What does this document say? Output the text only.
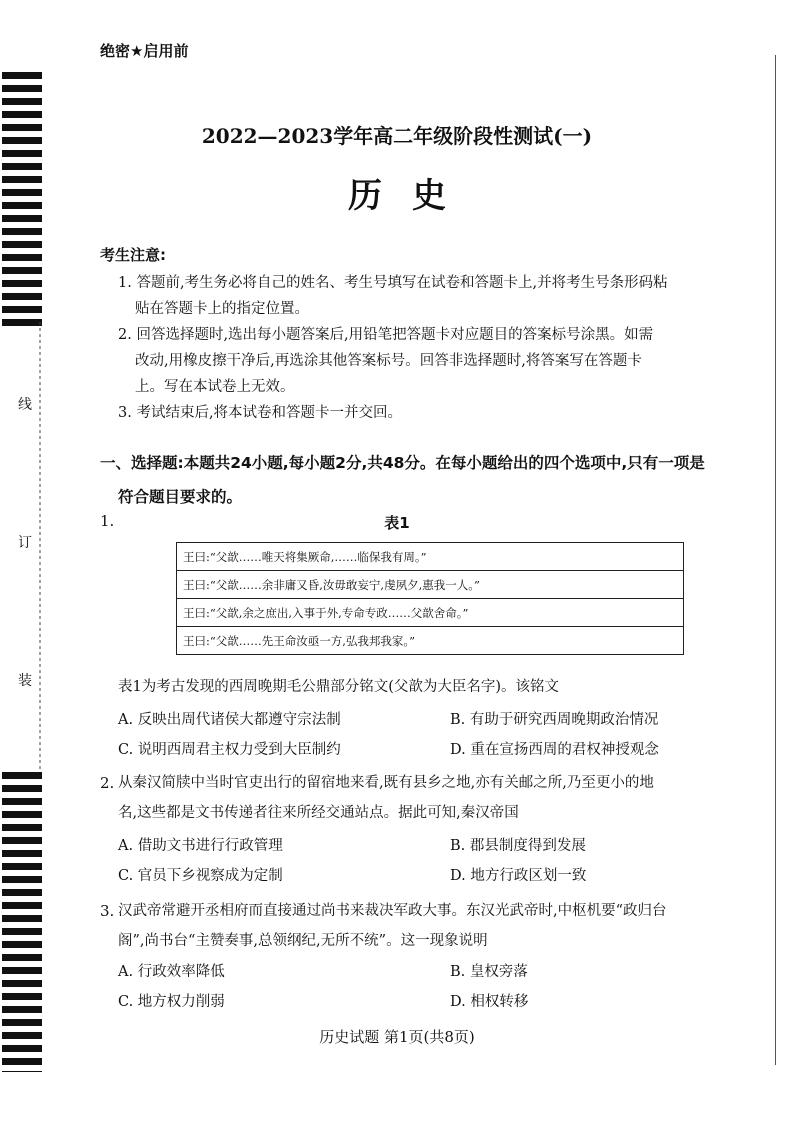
线
订
装
绝密★启用前
2022—2023学年高二年级阶段性测试(一)
历史
考生注意:
1. 答题前,考生务必将自己的姓名、考生号填写在试卷和答题卡上,并将考生号条形码粘
贴在答题卡上的指定位置。
2. 回答选择题时,选出每小题答案后,用铅笔把答题卡对应题目的答案标号涂黑。如需
改动,用橡皮擦干净后,再选涂其他答案标号。回答非选择题时,将答案写在答题卡
上。写在本试卷上无效。
3. 考试结束后,将本试卷和答题卡一并交回。
一、选择题:本题共24小题,每小题2分,共48分。在每小题给出的四个选项中,只有一项是
符合题目要求的。
1.	表1
王曰:“父歆……唯天将集厥命,……临保我有周。”
王曰:“父歆……余非庸又昏,汝毋敢妄宁,虔夙夕,惠我一人。”
王曰:“父歆,余之庶出,入事于外,专命专政……父歆舍命。”
王曰:“父歆……先王命汝亟一方,弘我邦我家。”
表1为考古发现的西周晚期毛公鼎部分铭文(父歆为大臣名字)。该铭文
A. 反映出周代诸侯大都遵守宗法制	B. 有助于研究西周晚期政治情况
C. 说明西周君主权力受到大臣制约	D. 重在宣扬西周的君权神授观念
2. 从秦汉简牍中当时官吏出行的留宿地来看,既有县乡之地,亦有关邮之所,乃至更小的地
名,这些都是文书传递者往来所经交通站点。据此可知,秦汉帝国
A. 借助文书进行行政管理	B. 郡县制度得到发展
C. 官员下乡视察成为定制	D. 地方行政区划一致
3. 汉武帝常避开丞相府而直接通过尚书来裁决军政大事。东汉光武帝时,中枢机要“政归台
阁”,尚书台“主赞奏事,总领纲纪,无所不统”。这一现象说明
A. 行政效率降低	B. 皇权旁落
C. 地方权力削弱	D. 相权转移
历史试题 第1页(共8页)
